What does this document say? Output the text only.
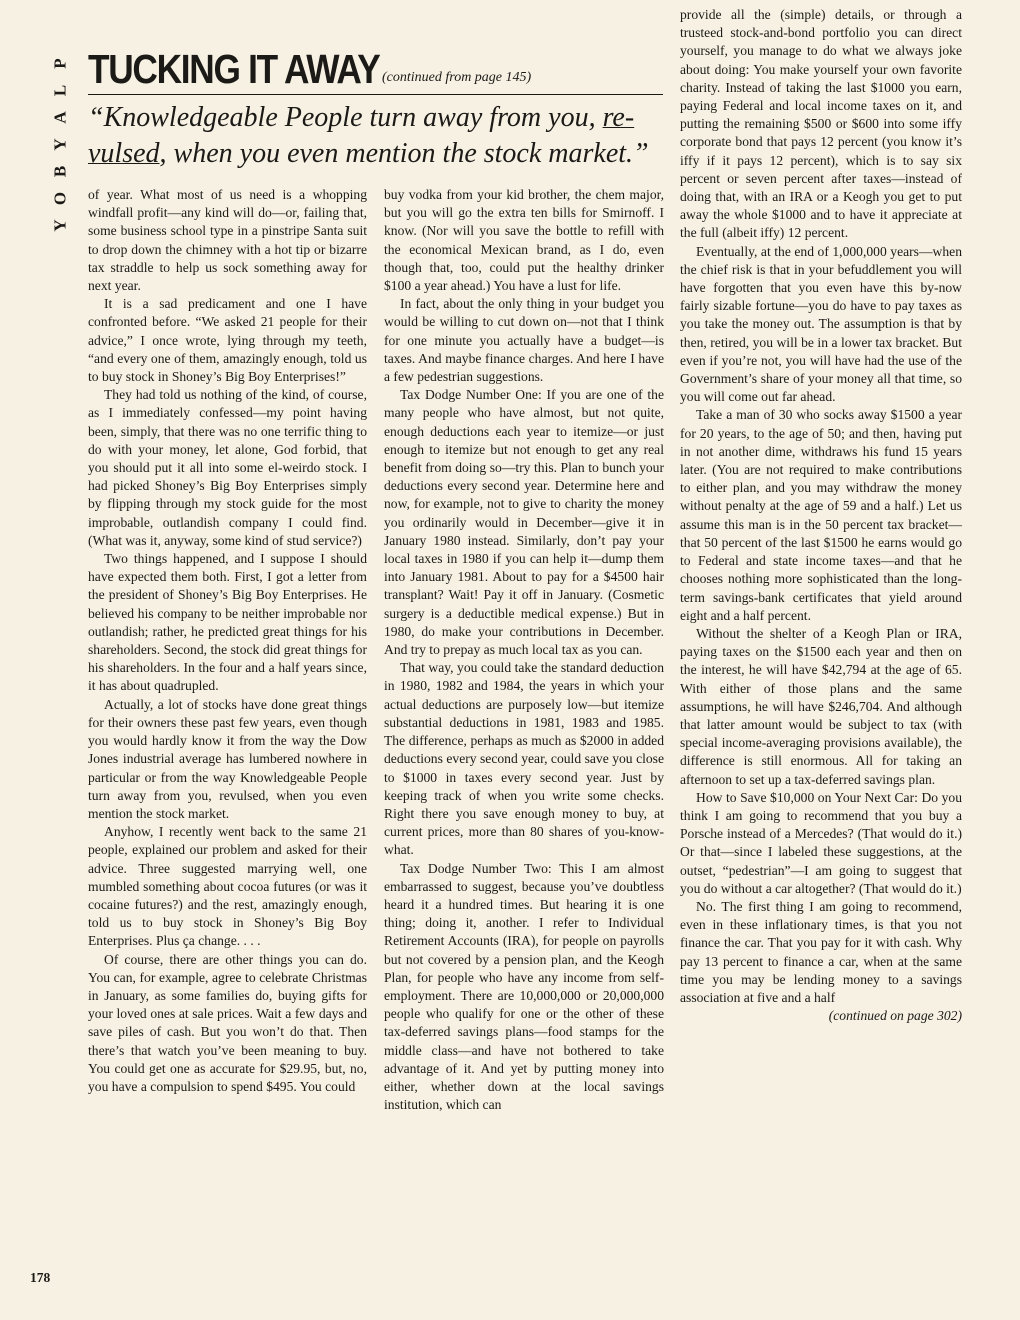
P
L
A
Y
B
O
Y
TUCKING IT AWAY (continued from page 145)
“Knowledgeable People turn away from you, re-vulsed, when you even mention the stock market.”

of year. What most of us need is a whopping windfall profit—any kind will do—or, failing that, some business school type in a pinstripe Santa suit to drop down the chimney with a hot tip or bizarre tax straddle to help us sock something away for next year.

It is a sad predicament and one I have confronted before. “We asked 21 people for their advice,” I once wrote, lying through my teeth, “and every one of them, amazingly enough, told us to buy stock in Shoney’s Big Boy Enterprises!”

They had told us nothing of the kind, of course, as I immediately confessed—my point having been, simply, that there was no one terrific thing to do with your money, let alone, God forbid, that you should put it all into some el-weirdo stock. I had picked Shoney’s Big Boy Enterprises simply by flipping through my stock guide for the most improbable, outlandish company I could find. (What was it, anyway, some kind of stud service?)

Two things happened, and I suppose I should have expected them both. First, I got a letter from the president of Shoney’s Big Boy Enterprises. He believed his company to be neither improbable nor outlandish; rather, he predicted great things for his shareholders. Second, the stock did great things for his shareholders. In the four and a half years since, it has about quadrupled.

Actually, a lot of stocks have done great things for their owners these past few years, even though you would hardly know it from the way the Dow Jones industrial average has lumbered nowhere in particular or from the way Knowledgeable People turn away from you, revulsed, when you even mention the stock market.

Anyhow, I recently went back to the same 21 people, explained our problem and asked for their advice. Three suggested marrying well, one mumbled something about cocoa futures (or was it cocaine futures?) and the rest, amazingly enough, told us to buy stock in Shoney’s Big Boy Enterprises. Plus ça change. . . .

Of course, there are other things you can do. You can, for example, agree to celebrate Christmas in January, as some families do, buying gifts for your loved ones at sale prices. Wait a few days and save piles of cash. But you won’t do that. Then there’s that watch you’ve been meaning to buy. You could get one as accurate for $29.95, but, no, you have a compulsion to spend $495. You could

buy vodka from your kid brother, the chem major, but you will go the extra ten bills for Smirnoff. I know. (Nor will you save the bottle to refill with the economical Mexican brand, as I do, even though that, too, could put the healthy drinker $100 a year ahead.) You have a lust for life.

In fact, about the only thing in your budget you would be willing to cut down on—not that I think for one minute you actually have a budget—is taxes. And maybe finance charges. And here I have a few pedestrian suggestions.

Tax Dodge Number One: If you are one of the many people who have almost, but not quite, enough deductions each year to itemize—or just enough to itemize but not enough to get any real benefit from doing so—try this. Plan to bunch your deductions every second year. Determine here and now, for example, not to give to charity the money you ordinarily would in December—give it in January 1980 instead. Similarly, don’t pay your local taxes in 1980 if you can help it—dump them into January 1981. About to pay for a $4500 hair transplant? Wait! Pay it off in January. (Cosmetic surgery is a deductible medical expense.) But in 1980, do make your contributions in December. And try to prepay as much local tax as you can.

That way, you could take the standard deduction in 1980, 1982 and 1984, the years in which your actual deductions are purposely low—but itemize substantial deductions in 1981, 1983 and 1985. The difference, perhaps as much as $2000 in added deductions every second year, could save you close to $1000 in taxes every second year. Just by keeping track of when you write some checks. Right there you save enough money to buy, at current prices, more than 80 shares of you-know-what.

Tax Dodge Number Two: This I am almost embarrassed to suggest, because you’ve doubtless heard it a hundred times. But hearing it is one thing; doing it, another. I refer to Individual Retirement Accounts (IRA), for people on payrolls but not covered by a pension plan, and the Keogh Plan, for people who have any income from self-employment. There are 10,000,000 or 20,000,000 people who qualify for one or the other of these tax-deferred savings plans—food stamps for the middle class—and have not bothered to take advantage of it. And yet by putting money into either, whether down at the local savings institution, which can

provide all the (simple) details, or through a trusteed stock-and-bond portfolio you can direct yourself, you manage to do what we always joke about doing: You make yourself your own favorite charity. Instead of taking the last $1000 you earn, paying Federal and local income taxes on it, and putting the remaining $500 or $600 into some iffy corporate bond that pays 12 percent (you know it’s iffy if it pays 12 percent), which is to say six percent or seven percent after taxes—instead of doing that, with an IRA or a Keogh you get to put away the whole $1000 and to have it appreciate at the full (albeit iffy) 12 percent.

Eventually, at the end of 1,000,000 years—when the chief risk is that in your befuddlement you will have forgotten that you even have this by-now fairly sizable fortune—you do have to pay taxes as you take the money out. The assumption is that by then, retired, you will be in a lower tax bracket. But even if you’re not, you will have had the use of the Government’s share of your money all that time, so you will come out far ahead.

Take a man of 30 who socks away $1500 a year for 20 years, to the age of 50; and then, having put in not another dime, withdraws his fund 15 years later. (You are not required to make contributions to either plan, and you may withdraw the money without penalty at the age of 59 and a half.) Let us assume this man is in the 50 percent tax bracket—that 50 percent of the last $1500 he earns would go to Federal and state income taxes—and that he chooses nothing more sophisticated than the long-term savings-bank certificates that yield around eight and a half percent.

Without the shelter of a Keogh Plan or IRA, paying taxes on the $1500 each year and then on the interest, he will have $42,794 at the age of 65. With either of those plans and the same assumptions, he will have $246,704. And although that latter amount would be subject to tax (with special income-averaging provisions available), the difference is still enormous. All for taking an afternoon to set up a tax-deferred savings plan.

How to Save $10,000 on Your Next Car: Do you think I am going to recommend that you buy a Porsche instead of a Mercedes? (That would do it.) Or that—since I labeled these suggestions, at the outset, “pedestrian”—I am going to suggest that you do without a car altogether? (That would do it.)

No. The first thing I am going to recommend, even in these inflationary times, is that you not finance the car. That you pay for it with cash. Why pay 13 percent to finance a car, when at the same time you may be lending money to a savings association at five and a half

(continued on page 302)

178
